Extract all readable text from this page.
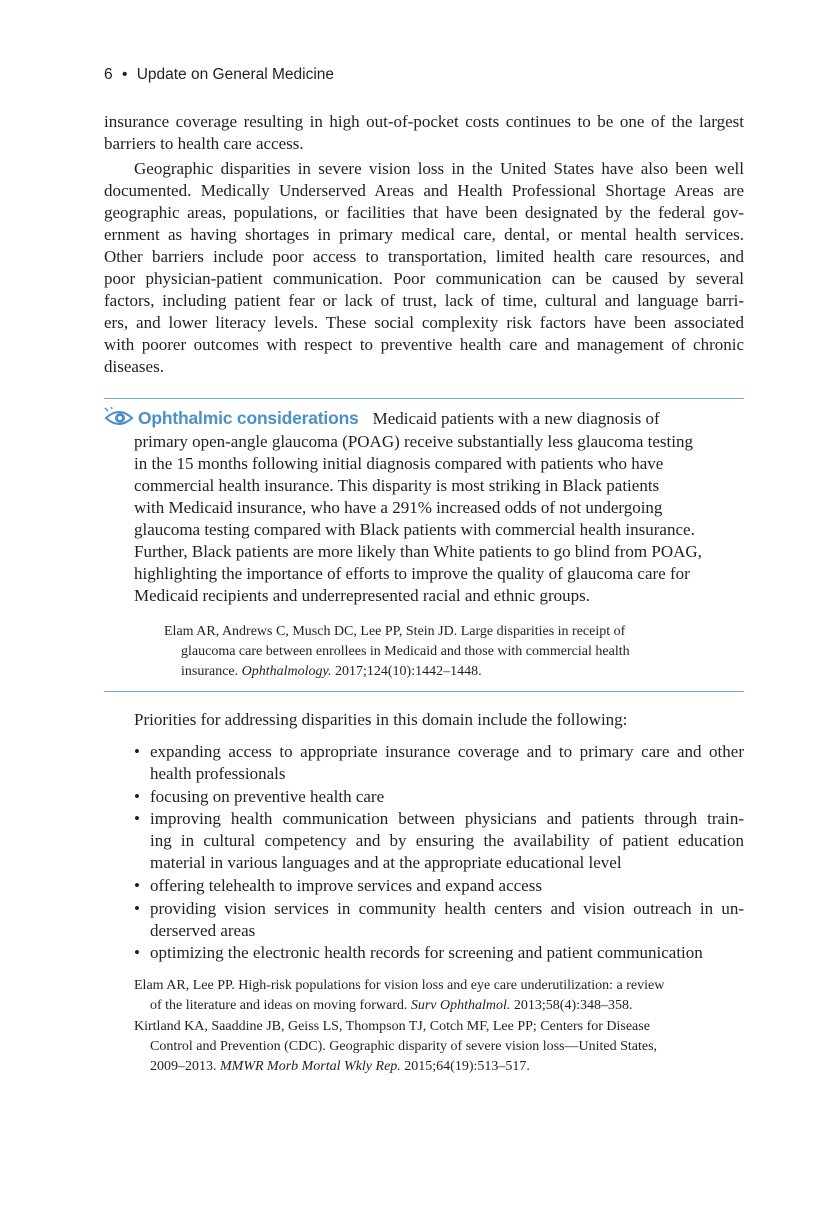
6 • Update on General Medicine
insurance coverage resulting in high out-of-pocket costs continues to be one of the largest
barriers to health care access.
Geographic disparities in severe vision loss in the United States have also been well
documented. Medically Underserved Areas and Health Professional Shortage Areas are
geographic areas, populations, or facilities that have been designated by the federal gov-
ernment as having shortages in primary medical care, dental, or mental health services.
Other barriers include poor access to transportation, limited health care resources, and
poor physician-patient communication. Poor communication can be caused by several
factors, including patient fear or lack of trust, lack of time, cultural and language barri-
ers, and lower literacy levels. These social complexity risk factors have been associated
with poorer outcomes with respect to preventive health care and management of chronic
diseases.
Ophthalmic considerations Medicaid patients with a new diagnosis of
primary open-angle glaucoma (POAG) receive substantially less glaucoma testing
in the 15 months following initial diagnosis compared with patients who have
commercial health insurance. This disparity is most striking in Black patients
with Medicaid insurance, who have a 291% increased odds of not undergoing
glaucoma testing compared with Black patients with commercial health insurance.
Further, Black patients are more likely than White patients to go blind from POAG,
highlighting the importance of efforts to improve the quality of glaucoma care for
Medicaid recipients and underrepresented racial and ethnic groups.
Elam AR, Andrews C, Musch DC, Lee PP, Stein JD. Large disparities in receipt of
glaucoma care between enrollees in Medicaid and those with commercial health
insurance. Ophthalmology. 2017;124(10):1442–1448.
Priorities for addressing disparities in this domain include the following:
• expanding access to appropriate insurance coverage and to primary care and other
health professionals
• focusing on preventive health care
• improving health communication between physicians and patients through train-
ing in cultural competency and by ensuring the availability of patient education
material in various languages and at the appropriate educational level
• offering telehealth to improve services and expand access
• providing vision services in community health centers and vision outreach in un-
derserved areas
• optimizing the electronic health records for screening and patient communication
Elam AR, Lee PP. High-risk populations for vision loss and eye care underutilization: a review
of the literature and ideas on moving forward. Surv Ophthalmol. 2013;58(4):348–358.
Kirtland KA, Saaddine JB, Geiss LS, Thompson TJ, Cotch MF, Lee PP; Centers for Disease
Control and Prevention (CDC). Geographic disparity of severe vision loss—United States,
2009–2013. MMWR Morb Mortal Wkly Rep. 2015;64(19):513–517.
